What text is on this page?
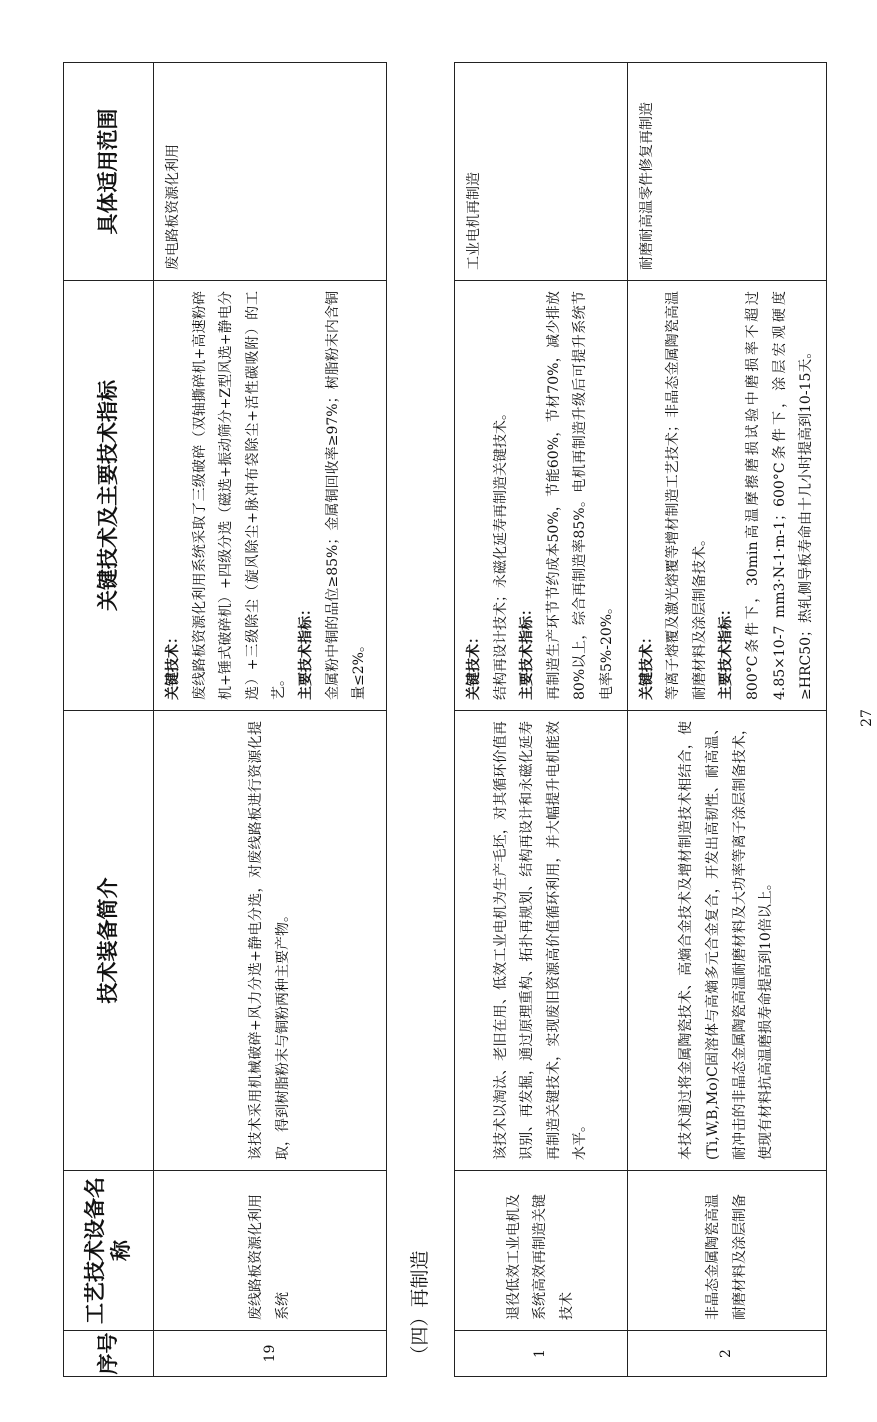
序号	工艺技术设备名称	技术装备简介	关键技术及主要技术指标	具体适用范围
19	废线路板资源化利用系统	该技术采用机械破碎+风力分选+静电分选，对废线路板进行资源化提取，得到树脂粉末与铜粉两种主要产物。	关键技术： 废线路板资源化利用系统采取了三级破碎（双轴撕碎机+高速粉碎机+锤式破碎机）+四级分选（磁选+振动筛分+Z型风选+静电分选）+三级除尘（旋风除尘+脉冲布袋除尘+活性碳吸附）的工艺。 主要技术指标： 金属粉中铜的品位≥85%；金属铜回收率≥97%；树脂粉末内含铜量≤2%。	废电路板资源化利用
（四）再制造				
1	退役低效工业电机及系统高效再制造关键技术	该技术以淘汰、老旧在用、低效工业电机为生产毛坯，对其循环价值再识别、再发掘，通过原理重构、拓扑再规划、结构再设计和永磁化延寿再制造关键技术，实现废旧资源高价值循环利用，并大幅提升电机能效水平。	关键技术： 结构再设计技术；永磁化延寿再制造关键技术。 主要技术指标： 再制造生产环节节约成本50%，节能60%，节材70%，减少排放80%以上，综合再制造率85%。电机再制造升级后可提升系统节电率5%-20%。	工业电机再制造
2	非晶态金属陶瓷高温耐磨材料及涂层制备	本技术通过将金属陶瓷技术、高熵合金技术及增材制造技术相结合，使(Ti,W,B,Mo)C固溶体与高熵多元合金复合，开发出高韧性、耐高温、耐冲击的非晶态金属陶瓷高温耐磨材料及大功率等离子涂层制备技术，使现有材料抗高温磨损寿命提高到10倍以上。	关键技术： 等离子熔覆及激光熔覆等增材制造工艺技术；非晶态金属陶瓷高温耐磨材料及涂层制备技术。 主要技术指标： 800°C条件下，30min高温摩擦磨损试验中磨损率不超过4.85×10-7 mm3·N-1·m-1；600°C条件下，涂层宏观硬度≥HRC50；热轧侧导板寿命由十几小时提高到10-15天。	耐磨耐高温零件修复再制造
27
